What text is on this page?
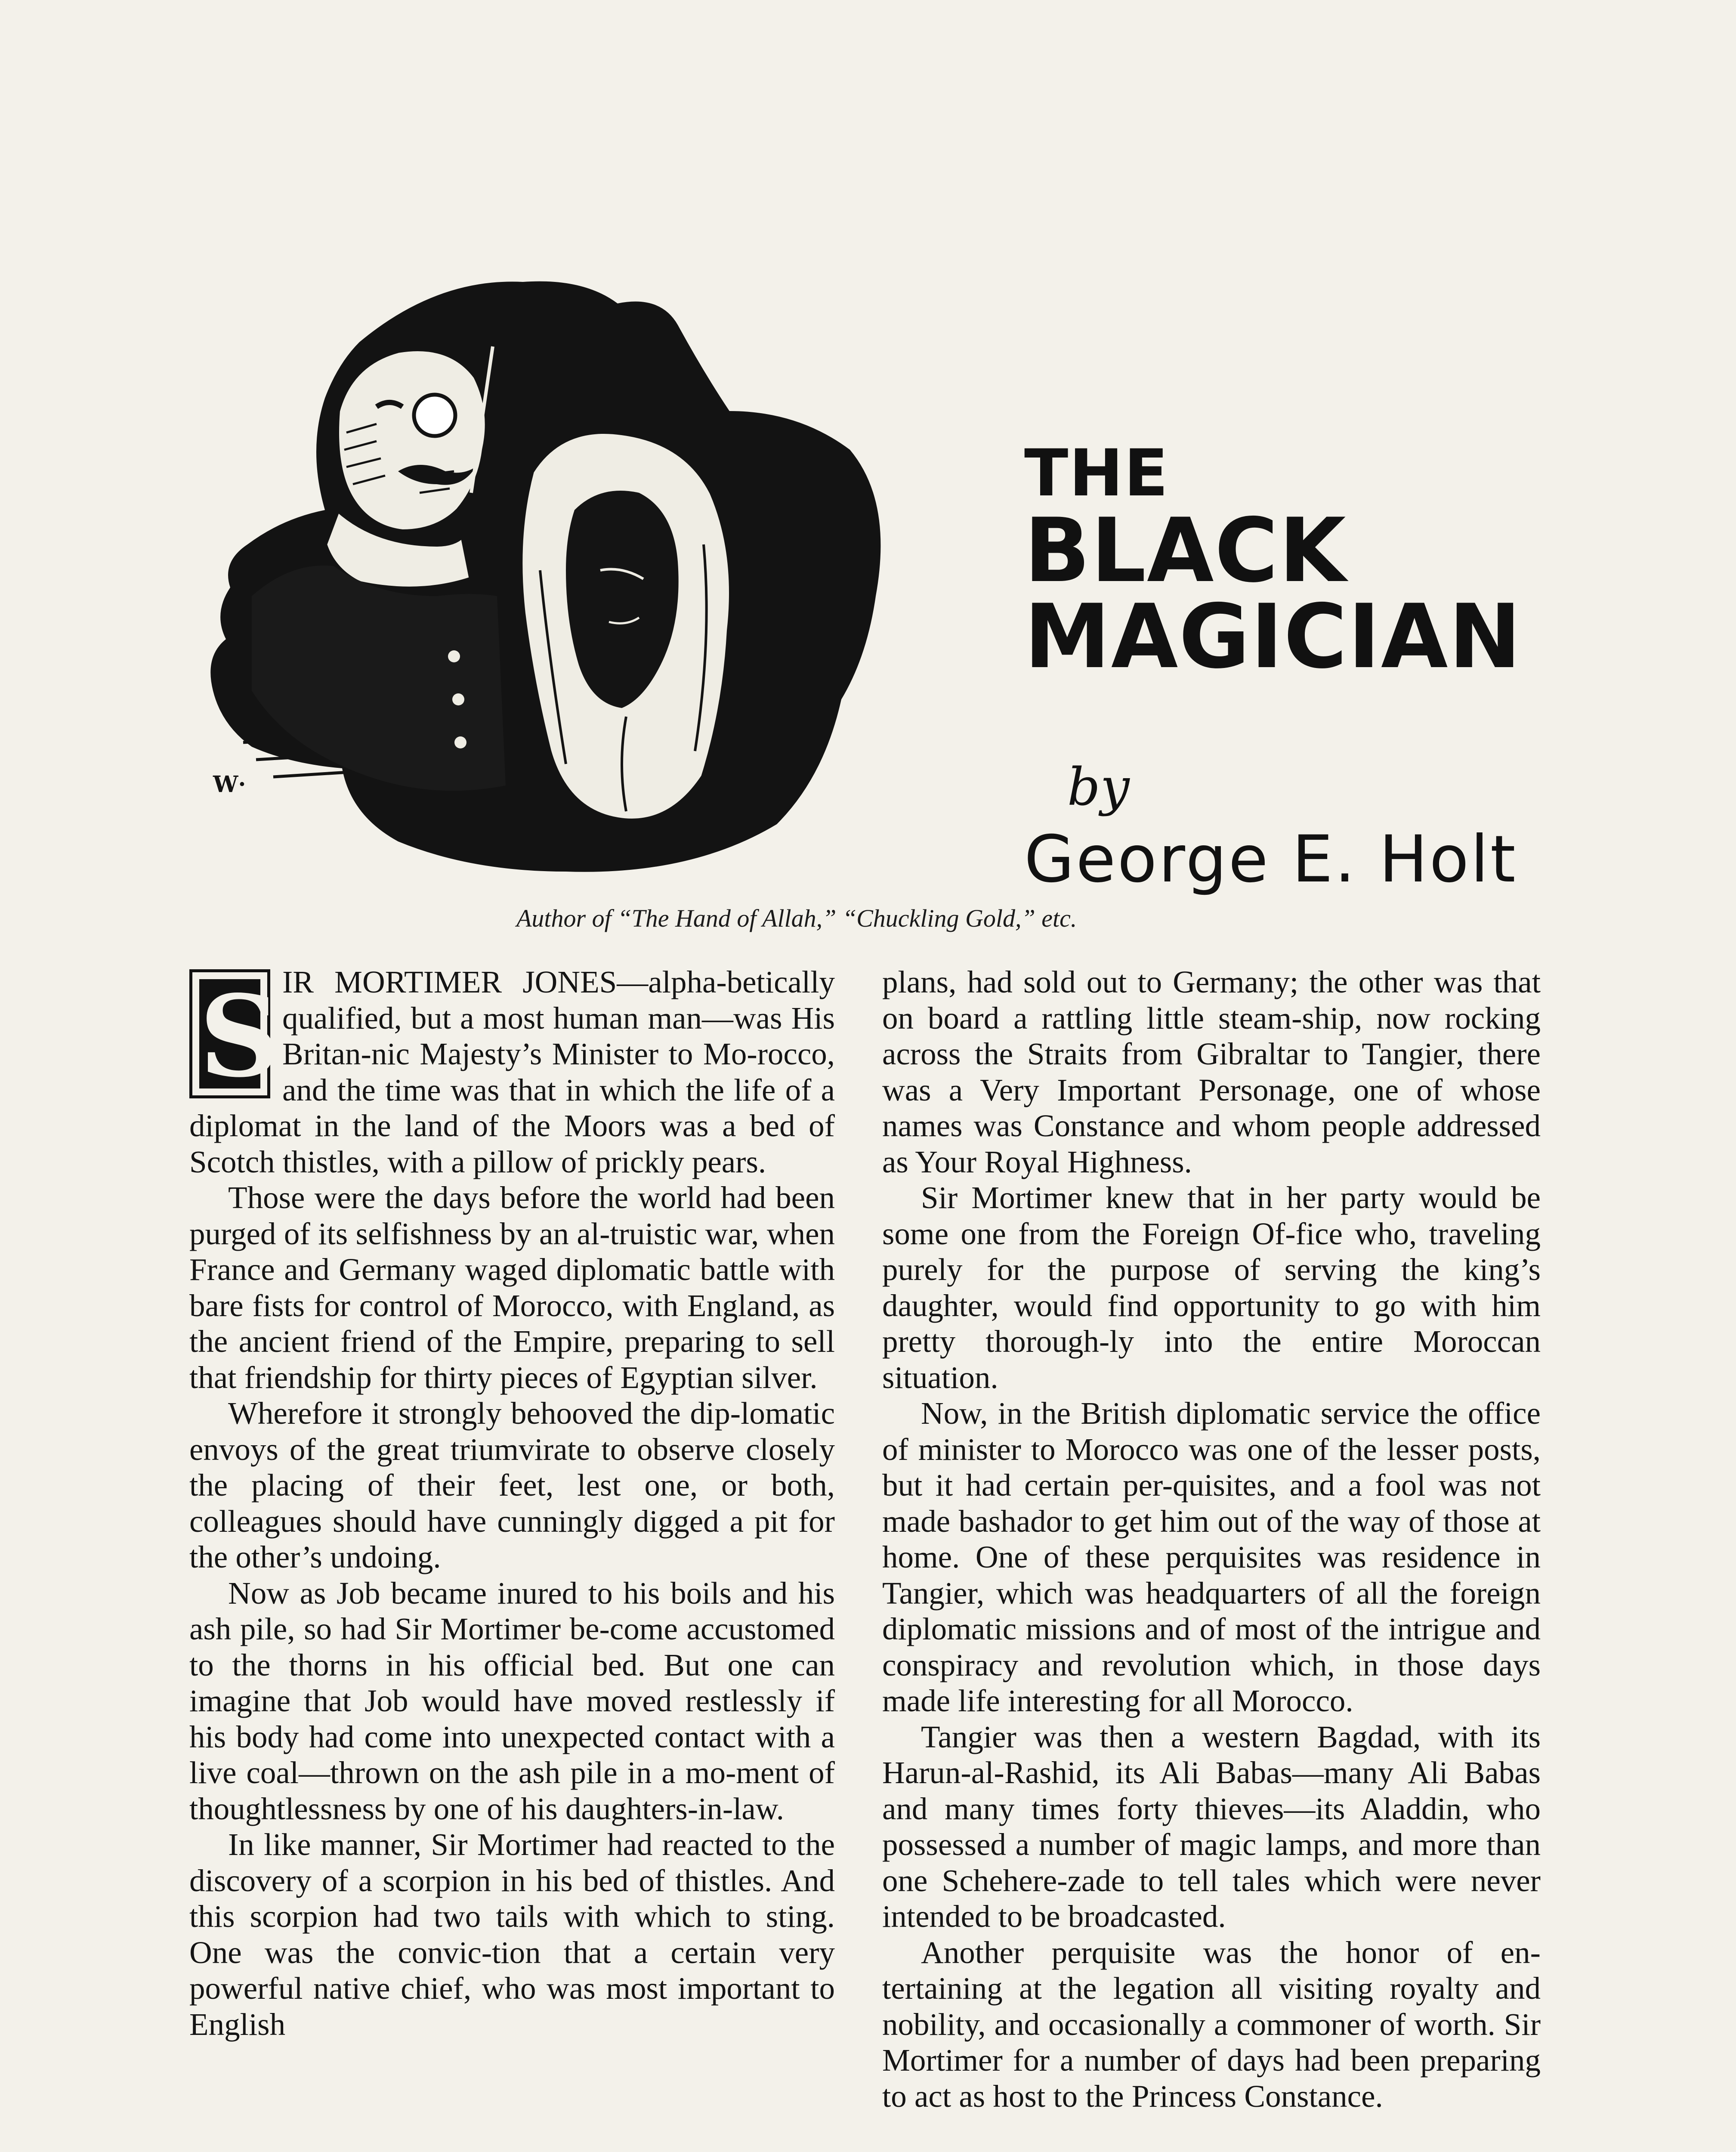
W·
THE
BLACK
MAGICIAN
by
George E. Holt
Author of “The Hand of Allah,” “Chuckling Gold,” etc.
S IR MORTIMER JONES—alpha-betically qualified, but a most human man—was His Britan-nic Majesty’s Minister to Mo-rocco, and the time was that in which the life of a diplomat in the land of the Moors was a bed of Scotch thistles, with a pillow of prickly pears.

Those were the days before the world had been purged of its selfishness by an al-truistic war, when France and Germany waged diplomatic battle with bare fists for control of Morocco, with England, as the ancient friend of the Empire, preparing to sell that friendship for thirty pieces of Egyptian silver.

Wherefore it strongly behooved the dip-lomatic envoys of the great triumvirate to observe closely the placing of their feet, lest one, or both, colleagues should have cunningly digged a pit for the other’s undoing.

Now as Job became inured to his boils and his ash pile, so had Sir Mortimer be-come accustomed to the thorns in his official bed. But one can imagine that Job would have moved restlessly if his body had come into unexpected contact with a live coal—thrown on the ash pile in a mo-ment of thoughtlessness by one of his daughters-in-law.

In like manner, Sir Mortimer had reacted to the discovery of a scorpion in his bed of thistles. And this scorpion had two tails with which to sting. One was the convic-tion that a certain very powerful native chief, who was most important to English

plans, had sold out to Germany; the other was that on board a rattling little steam-ship, now rocking across the Straits from Gibraltar to Tangier, there was a Very Important Personage, one of whose names was Constance and whom people addressed as Your Royal Highness.

Sir Mortimer knew that in her party would be some one from the Foreign Of-fice who, traveling purely for the purpose of serving the king’s daughter, would find opportunity to go with him pretty thorough-ly into the entire Moroccan situation.

Now, in the British diplomatic service the office of minister to Morocco was one of the lesser posts, but it had certain per-quisites, and a fool was not made bashador to get him out of the way of those at home. One of these perquisites was residence in Tangier, which was headquarters of all the foreign diplomatic missions and of most of the intrigue and conspiracy and revolution which, in those days made life interesting for all Morocco.

Tangier was then a western Bagdad, with its Harun-al-Rashid, its Ali Babas—many Ali Babas and many times forty thieves—its Aladdin, who possessed a number of magic lamps, and more than one Schehere-zade to tell tales which were never intended to be broadcasted.

Another perquisite was the honor of en-tertaining at the legation all visiting royalty and nobility, and occasionally a commoner of worth. Sir Mortimer for a number of days had been preparing to act as host to the Princess Constance.
